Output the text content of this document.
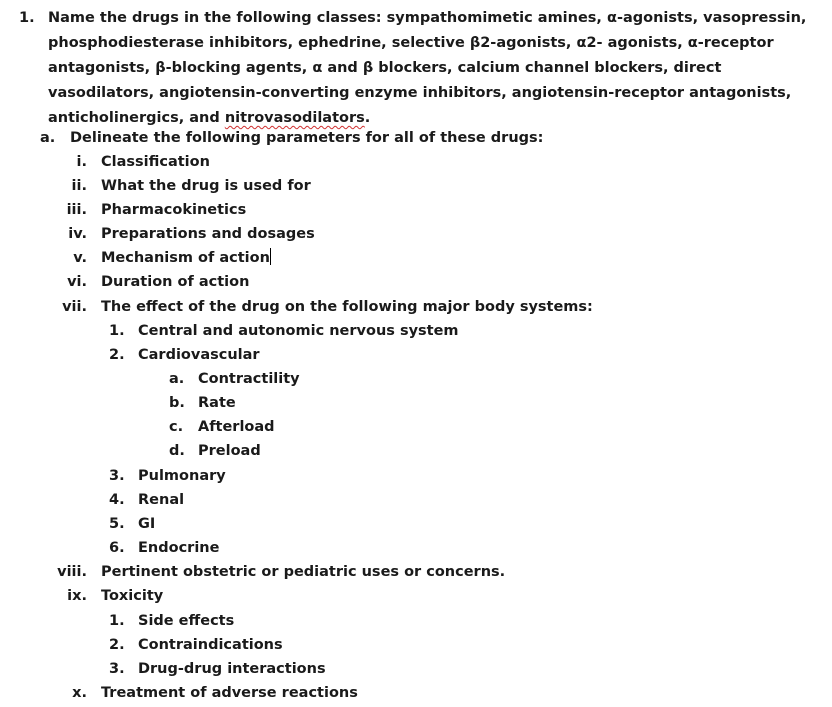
1. Name the drugs in the following classes: sympathomimetic amines, α-agonists, vasopressin, phosphodiesterase inhibitors, ephedrine, selective β2-agonists, α2- agonists, α-receptor antagonists, β-blocking agents, α and β blockers, calcium channel blockers, direct vasodilators, angiotensin-converting enzyme inhibitors, angiotensin-receptor antagonists, anticholinergics, and nitrovasodilators.
a. Delineate the following parameters for all of these drugs:
i. Classification
ii. What the drug is used for
iii. Pharmacokinetics
iv. Preparations and dosages
v. Mechanism of action
vi. Duration of action
vii. The effect of the drug on the following major body systems:
1. Central and autonomic nervous system
2. Cardiovascular
a. Contractility
b. Rate
c. Afterload
d. Preload
3. Pulmonary
4. Renal
5. GI
6. Endocrine
viii. Pertinent obstetric or pediatric uses or concerns.
ix. Toxicity
1. Side effects
2. Contraindications
3. Drug-drug interactions
x. Treatment of adverse reactions
